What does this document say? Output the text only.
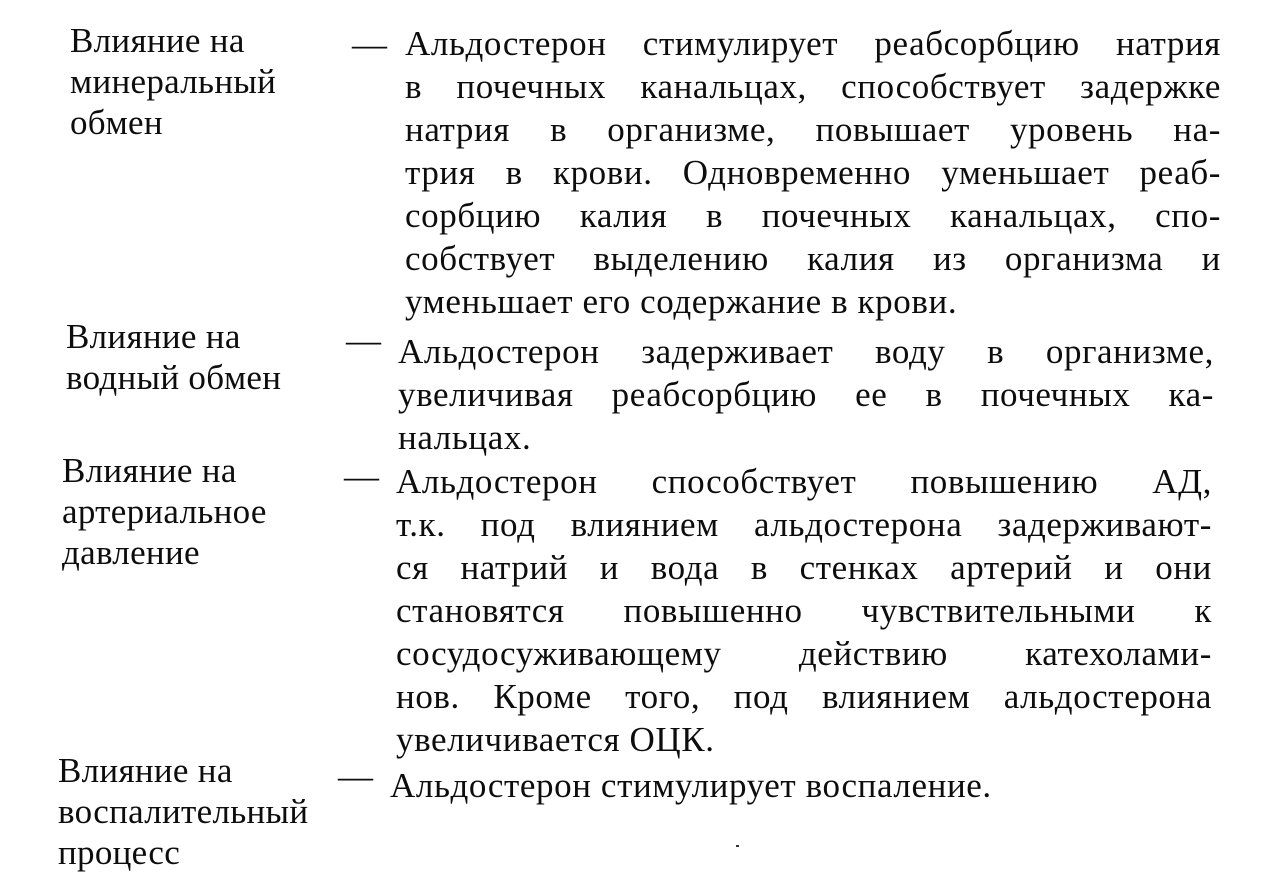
Влияние на
минеральный
обмен
— Альдостерон стимулирует реабсорбцию натрия
в почечных канальцах, способствует задержке
натрия в организме, повышает уровень на-
трия в крови. Одновременно уменьшает реаб-
сорбцию калия в почечных канальцах, спо-
собствует выделению калия из организма и
уменьшает его содержание в крови.
Влияние на
водный обмен
— Альдостерон задерживает воду в организме,
увеличивая реабсорбцию ее в почечных ка-
нальцах.
Влияние на
артериальное
давление
— Альдостерон способствует повышению АД,
т.к. под влиянием альдостерона задерживают-
ся натрий и вода в стенках артерий и они
становятся повышенно чувствительными к
сосудосуживающему действию катехолами-
нов. Кроме того, под влиянием альдостерона
увеличивается ОЦК.
Влияние на
воспалительный
процесс
— Альдостерон стимулирует воспаление.
